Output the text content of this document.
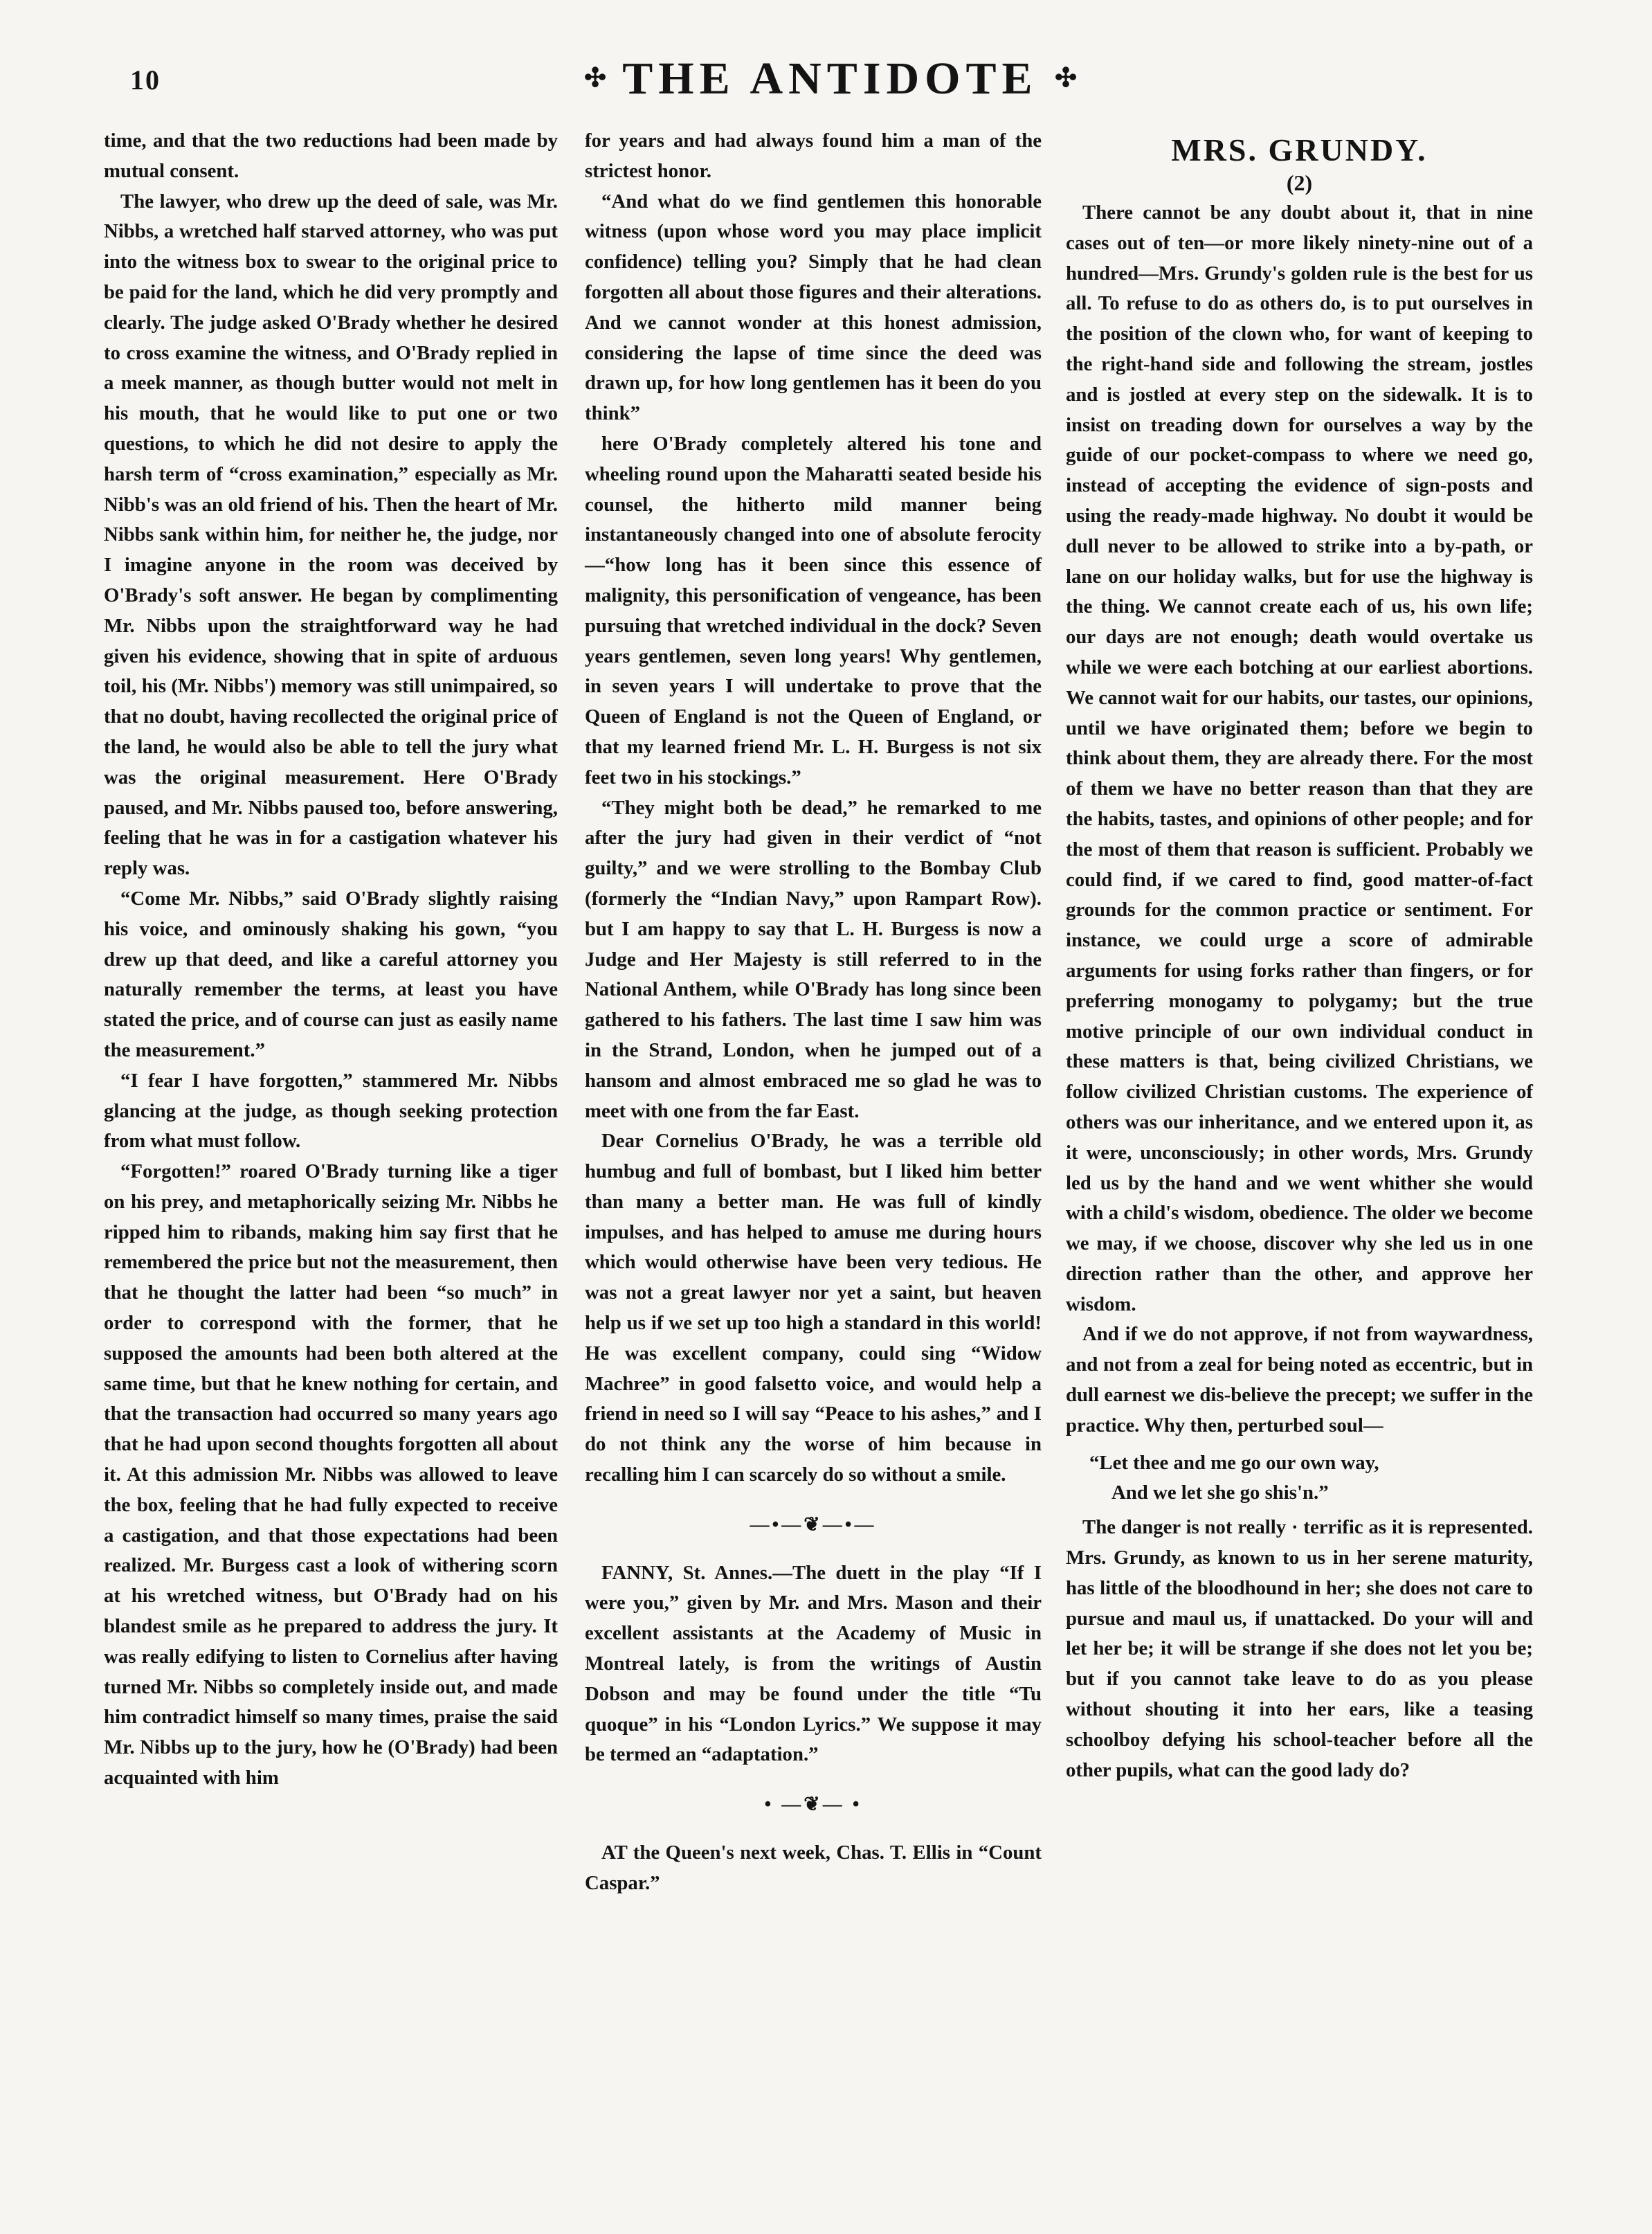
10	✣ THE ANTIDOTE ✣

time, and that the two reductions had been made by mutual consent.

The lawyer, who drew up the deed of sale, was Mr. Nibbs, a wretched half starved attorney, who was put into the witness box to swear to the original price to be paid for the land, which he did very promptly and clearly. The judge asked O'Brady whether he desired to cross examine the witness, and O'Brady replied in a meek manner, as though butter would not melt in his mouth, that he would like to put one or two questions, to which he did not desire to apply the harsh term of “cross examination,” especially as Mr. Nibb's was an old friend of his. Then the heart of Mr. Nibbs sank within him, for neither he, the judge, nor I imagine anyone in the room was deceived by O'Brady's soft answer. He began by complimenting Mr. Nibbs upon the straightforward way he had given his evidence, showing that in spite of arduous toil, his (Mr. Nibbs') memory was still unimpaired, so that no doubt, having recollected the original price of the land, he would also be able to tell the jury what was the original measurement. Here O'Brady paused, and Mr. Nibbs paused too, before answering, feeling that he was in for a castigation whatever his reply was.

“Come Mr. Nibbs,” said O'Brady slightly raising his voice, and ominously shaking his gown, “you drew up that deed, and like a careful attorney you naturally remember the terms, at least you have stated the price, and of course can just as easily name the measurement.”

“I fear I have forgotten,” stammered Mr. Nibbs glancing at the judge, as though seeking protection from what must follow.

“Forgotten!” roared O'Brady turning like a tiger on his prey, and metaphorically seizing Mr. Nibbs he ripped him to ribands, making him say first that he remembered the price but not the measurement, then that he thought the latter had been “so much” in order to correspond with the former, that he supposed the amounts had been both altered at the same time, but that he knew nothing for certain, and that the transaction had occurred so many years ago that he had upon second thoughts forgotten all about it. At this admission Mr. Nibbs was allowed to leave the box, feeling that he had fully expected to receive a castigation, and that those expectations had been realized. Mr. Burgess cast a look of withering scorn at his wretched witness, but O'Brady had on his blandest smile as he prepared to address the jury. It was really edifying to listen to Cornelius after having turned Mr. Nibbs so completely inside out, and made him contradict himself so many times, praise the said Mr. Nibbs up to the jury, how he (O'Brady) had been acquainted with him

for years and had always found him a man of the strictest honor.

“And what do we find gentlemen this honorable witness (upon whose word you may place implicit confidence) telling you? Simply that he had clean forgotten all about those figures and their alterations. And we cannot wonder at this honest admission, considering the lapse of time since the deed was drawn up, for how long gentlemen has it been do you think”

here O'Brady completely altered his tone and wheeling round upon the Maharatti seated beside his counsel, the hitherto mild manner being instantaneously changed into one of absolute ferocity—“how long has it been since this essence of malignity, this personification of vengeance, has been pursuing that wretched individual in the dock? Seven years gentlemen, seven long years! Why gentlemen, in seven years I will undertake to prove that the Queen of England is not the Queen of England, or that my learned friend Mr. L. H. Burgess is not six feet two in his stockings.”

“They might both be dead,” he remarked to me after the jury had given in their verdict of “not guilty,” and we were strolling to the Bombay Club (formerly the “Indian Navy,” upon Rampart Row). but I am happy to say that L. H. Burgess is now a Judge and Her Majesty is still referred to in the National Anthem, while O'Brady has long since been gathered to his fathers. The last time I saw him was in the Strand, London, when he jumped out of a hansom and almost embraced me so glad he was to meet with one from the far East.

Dear Cornelius O'Brady, he was a terrible old humbug and full of bombast, but I liked him better than many a better man. He was full of kindly impulses, and has helped to amuse me during hours which would otherwise have been very tedious. He was not a great lawyer nor yet a saint, but heaven help us if we set up too high a standard in this world! He was excellent company, could sing “Widow Machree” in good falsetto voice, and would help a friend in need so I will say “Peace to his ashes,” and I do not think any the worse of him because in recalling him I can scarcely do so without a smile.

—•—❦—•—

FANNY, St. Annes.—The duett in the play “If I were you,” given by Mr. and Mrs. Mason and their excellent assistants at the Academy of Music in Montreal lately, is from the writings of Austin Dobson and may be found under the title “Tu quoque” in his “London Lyrics.” We suppose it may be termed an “adaptation.”

• —❦— •

AT the Queen's next week, Chas. T. Ellis in “Count Caspar.”

MRS. GRUNDY.
(2)

There cannot be any doubt about it, that in nine cases out of ten—or more likely ninety-nine out of a hundred—Mrs. Grundy's golden rule is the best for us all. To refuse to do as others do, is to put ourselves in the position of the clown who, for want of keeping to the right-hand side and following the stream, jostles and is jostled at every step on the sidewalk. It is to insist on treading down for ourselves a way by the guide of our pocket-compass to where we need go, instead of accepting the evidence of sign-posts and using the ready-made highway. No doubt it would be dull never to be allowed to strike into a by-path, or lane on our holiday walks, but for use the highway is the thing. We cannot create each of us, his own life; our days are not enough; death would overtake us while we were each botching at our earliest abortions. We cannot wait for our habits, our tastes, our opinions, until we have originated them; before we begin to think about them, they are already there. For the most of them we have no better reason than that they are the habits, tastes, and opinions of other people; and for the most of them that reason is sufficient. Probably we could find, if we cared to find, good matter-of-fact grounds for the common practice or sentiment. For instance, we could urge a score of admirable arguments for using forks rather than fingers, or for preferring monogamy to polygamy; but the true motive principle of our own individual conduct in these matters is that, being civilized Christians, we follow civilized Christian customs. The experience of others was our inheritance, and we entered upon it, as it were, unconsciously; in other words, Mrs. Grundy led us by the hand and we went whither she would with a child's wisdom, obedience. The older we become we may, if we choose, discover why she led us in one direction rather than the other, and approve her wisdom.

And if we do not approve, if not from waywardness, and not from a zeal for being noted as eccentric, but in dull earnest we dis-believe the precept; we suffer in the practice. Why then, perturbed soul—

“Let thee and me go our own way,
And we let she go shis'n.”

The danger is not really · terrific as it is represented. Mrs. Grundy, as known to us in her serene maturity, has little of the bloodhound in her; she does not care to pursue and maul us, if unattacked. Do your will and let her be; it will be strange if she does not let you be; but if you cannot take leave to do as you please without shouting it into her ears, like a teasing schoolboy defying his school-teacher before all the other pupils, what can the good lady do?
